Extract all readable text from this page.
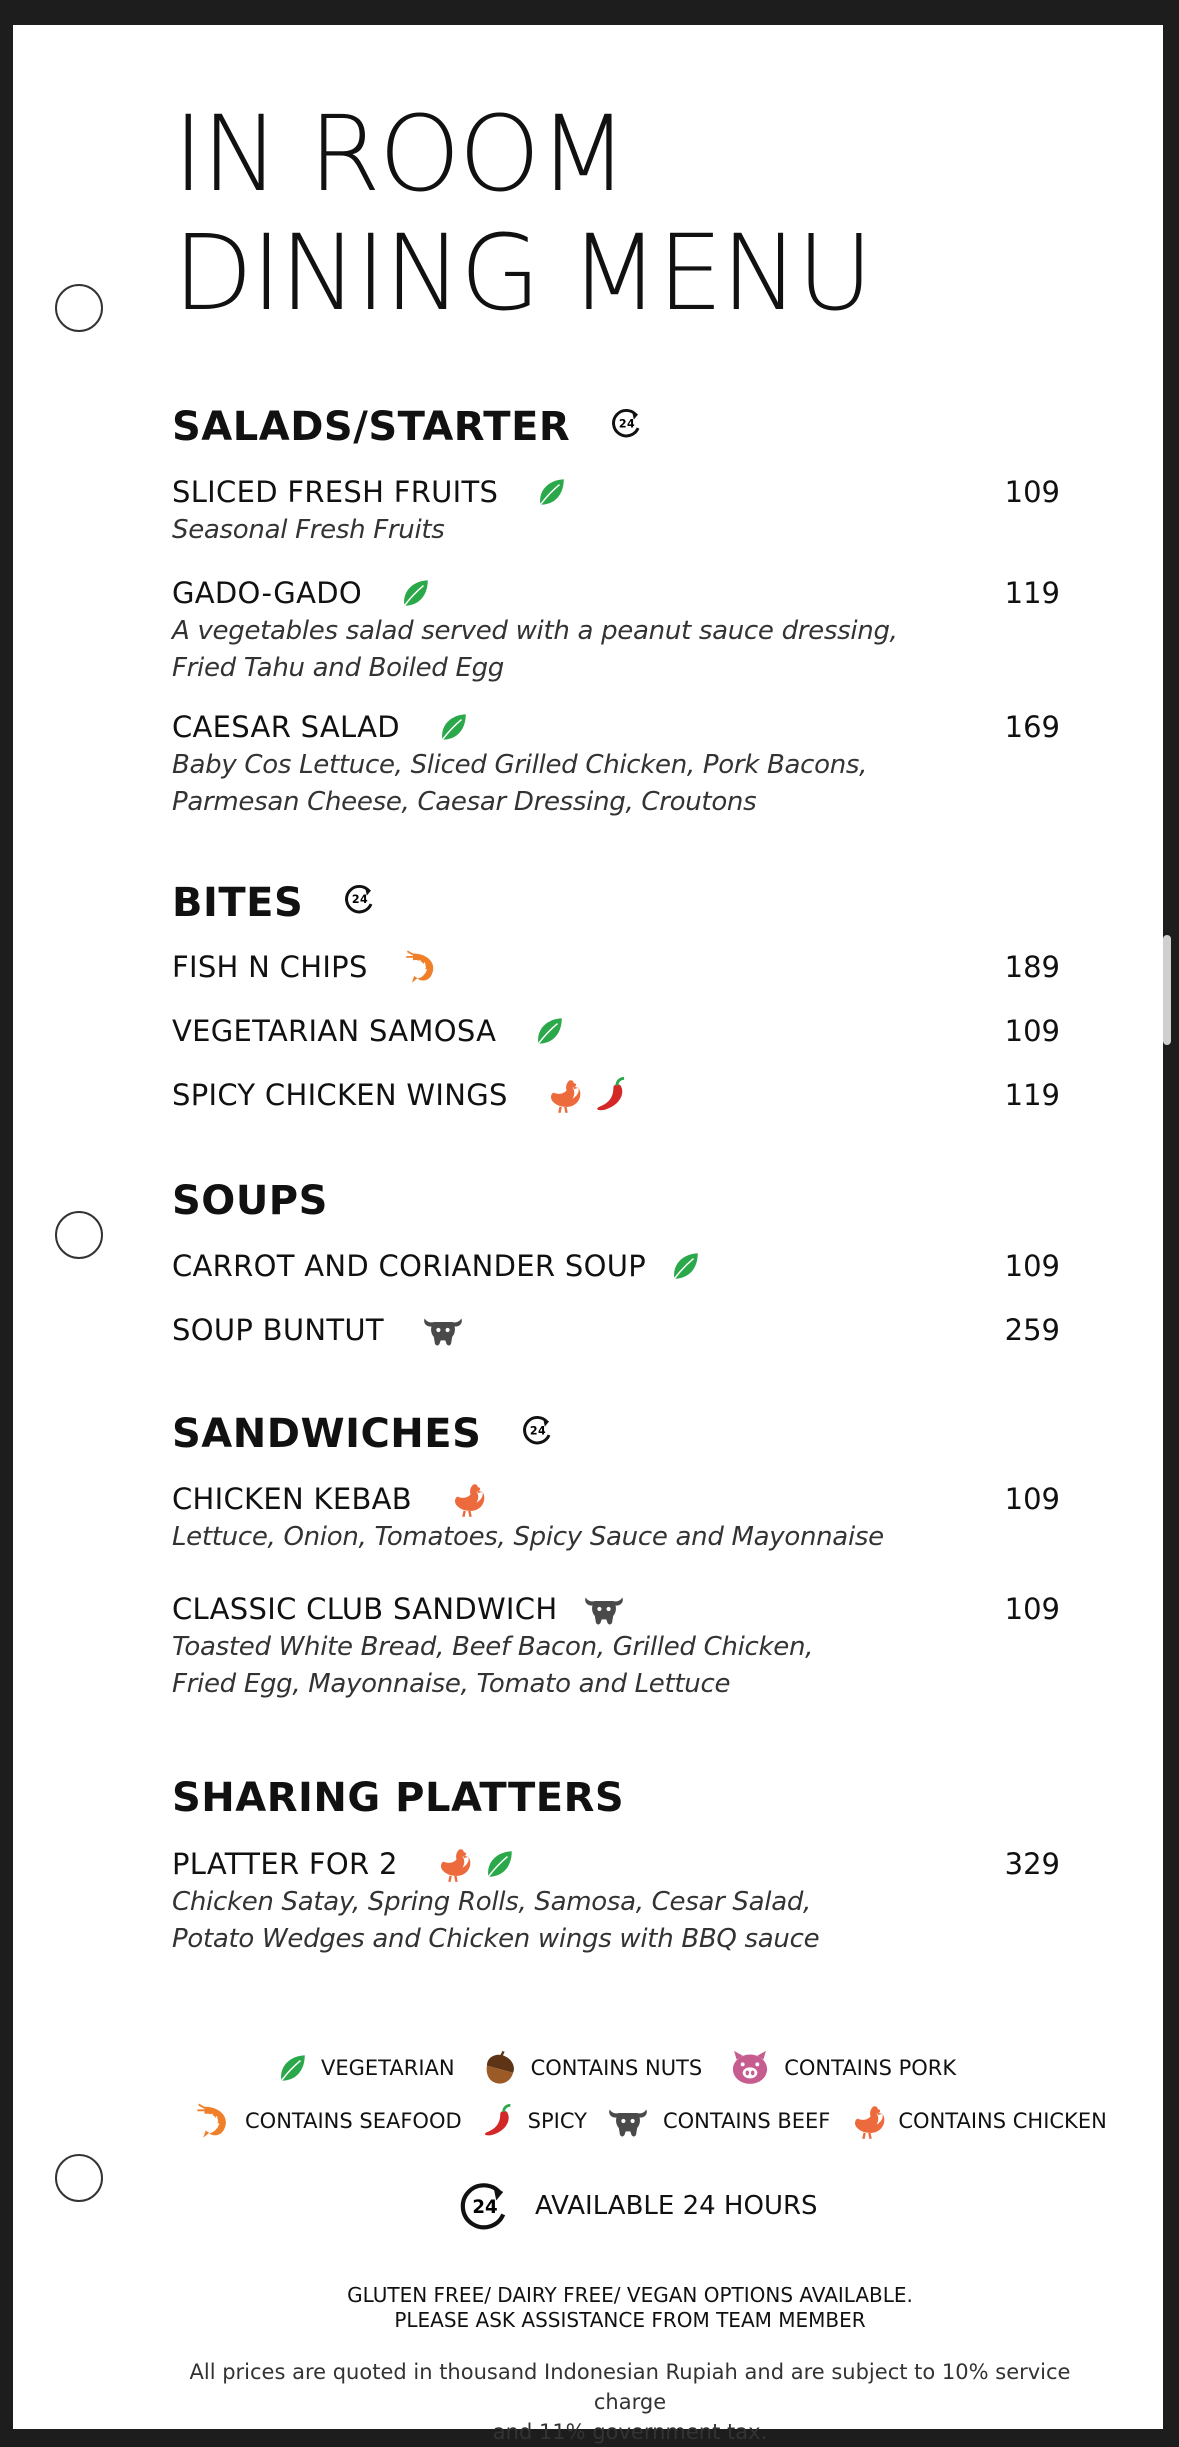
IN ROOM
DINING MENU
SALADS/STARTER	24
SLICED FRESH FRUITS	109
Seasonal Fresh Fruits
GADO-GADO	119
A vegetables salad served with a peanut sauce dressing,
Fried Tahu and Boiled Egg
CAESAR SALAD	169
Baby Cos Lettuce, Sliced Grilled Chicken, Pork Bacons,
Parmesan Cheese, Caesar Dressing, Croutons
BITES	24
FISH N CHIPS	189
VEGETARIAN SAMOSA	109
SPICY CHICKEN WINGS	119
SOUPS
CARROT AND CORIANDER SOUP	109
SOUP BUNTUT	259
SANDWICHES	24
CHICKEN KEBAB	109
Lettuce, Onion, Tomatoes, Spicy Sauce and Mayonnaise
CLASSIC CLUB SANDWICH	109
Toasted White Bread, Beef Bacon, Grilled Chicken,
Fried Egg, Mayonnaise, Tomato and Lettuce
SHARING PLATTERS
PLATTER FOR 2	329
Chicken Satay, Spring Rolls, Samosa, Cesar Salad,
Potato Wedges and Chicken wings with BBQ sauce
VEGETARIAN	CONTAINS NUTS	CONTAINS PORK
CONTAINS SEAFOOD	SPICY	CONTAINS BEEF	CONTAINS CHICKEN
24 AVAILABLE 24 HOURS
GLUTEN FREE/ DAIRY FREE/ VEGAN OPTIONS AVAILABLE.
PLEASE ASK ASSISTANCE FROM TEAM MEMBER
All prices are quoted in thousand Indonesian Rupiah and are subject to 10% service charge
and 11% government tax.
